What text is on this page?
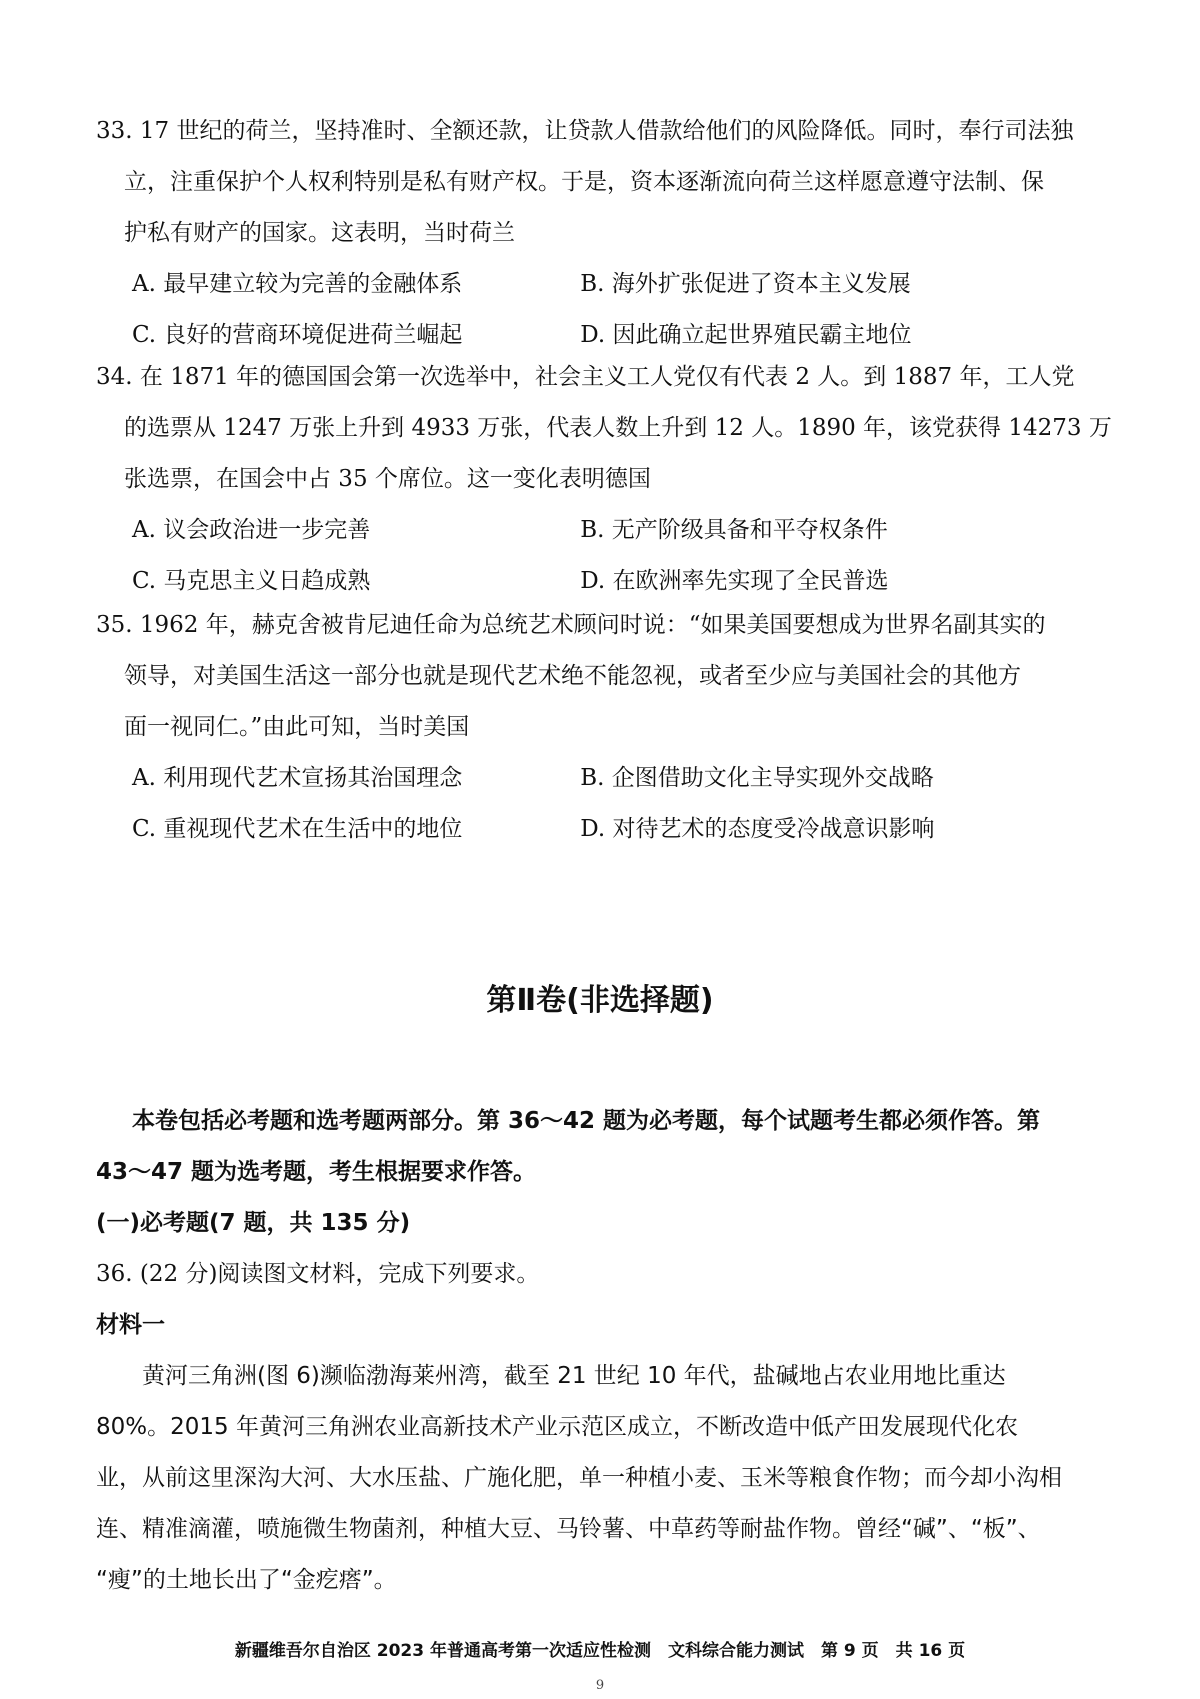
33. 17 世纪的荷兰，坚持准时、全额还款，让贷款人借款给他们的风险降低。同时，奉行司法独
立，注重保护个人权利特别是私有财产权。于是，资本逐渐流向荷兰这样愿意遵守法制、保
护私有财产的国家。这表明，当时荷兰
A. 最早建立较为完善的金融体系	B. 海外扩张促进了资本主义发展
C. 良好的营商环境促进荷兰崛起	D. 因此确立起世界殖民霸主地位
34. 在 1871 年的德国国会第一次选举中，社会主义工人党仅有代表 2 人。到 1887 年，工人党
的选票从 1247 万张上升到 4933 万张，代表人数上升到 12 人。1890 年，该党获得 14273 万
张选票，在国会中占 35 个席位。这一变化表明德国
A. 议会政治进一步完善	B. 无产阶级具备和平夺权条件
C. 马克思主义日趋成熟	D. 在欧洲率先实现了全民普选
35. 1962 年，赫克舍被肯尼迪任命为总统艺术顾问时说：“如果美国要想成为世界名副其实的
领导，对美国生活这一部分也就是现代艺术绝不能忽视，或者至少应与美国社会的其他方
面一视同仁。”由此可知，当时美国
A. 利用现代艺术宣扬其治国理念	B. 企图借助文化主导实现外交战略
C. 重视现代艺术在生活中的地位	D. 对待艺术的态度受冷战意识影响
第Ⅱ卷(非选择题)
本卷包括必考题和选考题两部分。第 36～42 题为必考题，每个试题考生都必须作答。第
43～47 题为选考题，考生根据要求作答。
(一)必考题(7 题，共 135 分)
36. (22 分)阅读图文材料，完成下列要求。
材料一
黄河三角洲(图 6)濒临渤海莱州湾，截至 21 世纪 10 年代，盐碱地占农业用地比重达
80%。2015 年黄河三角洲农业高新技术产业示范区成立，不断改造中低产田发展现代化农
业，从前这里深沟大河、大水压盐、广施化肥，单一种植小麦、玉米等粮食作物；而今却小沟相
连、精准滴灌，喷施微生物菌剂，种植大豆、马铃薯、中草药等耐盐作物。曾经“碱”、“板”、
“瘦”的土地长出了“金疙瘩”。
新疆维吾尔自治区 2023 年普通高考第一次适应性检测　文科综合能力测试　第 9 页　共 16 页
9
